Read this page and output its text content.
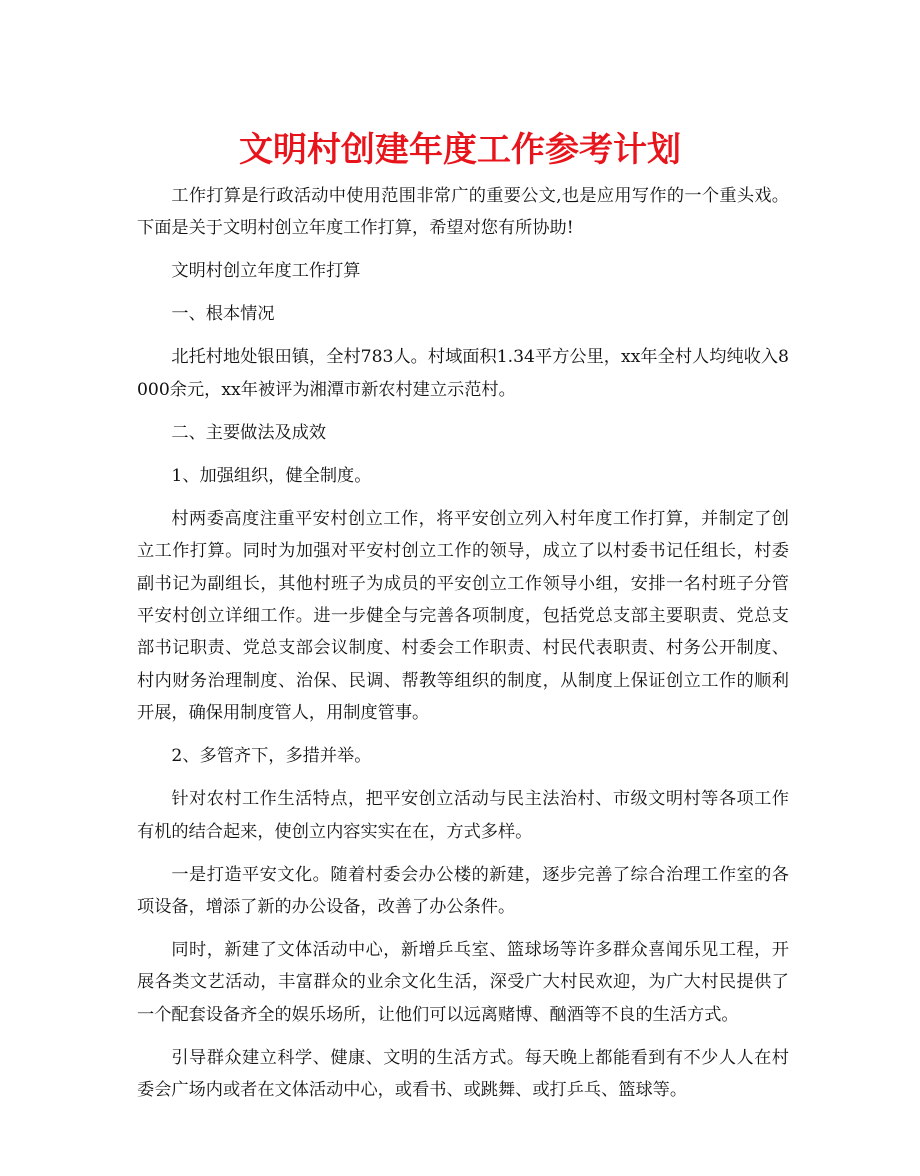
文明村创建年度工作参考计划

工作打算是行政活动中使用范围非常广的重要公文,也是应用写作的一个重头戏。下面是关于文明村创立年度工作打算，希望对您有所协助!

文明村创立年度工作打算

一、根本情况

北托村地处银田镇，全村783人。村域面积1.34平方公里，xx年全村人均纯收入8000余元，xx年被评为湘潭市新农村建立示范村。

二、主要做法及成效

1、加强组织，健全制度。

村两委高度注重平安村创立工作，将平安创立列入村年度工作打算，并制定了创立工作打算。同时为加强对平安村创立工作的领导，成立了以村委书记任组长，村委副书记为副组长，其他村班子为成员的平安创立工作领导小组，安排一名村班子分管平安村创立详细工作。进一步健全与完善各项制度，包括党总支部主要职责、党总支部书记职责、党总支部会议制度、村委会工作职责、村民代表职责、村务公开制度、村内财务治理制度、治保、民调、帮教等组织的制度，从制度上保证创立工作的顺利开展，确保用制度管人，用制度管事。

2、多管齐下，多措并举。

针对农村工作生活特点，把平安创立活动与民主法治村、市级文明村等各项工作有机的结合起来，使创立内容实实在在，方式多样。

一是打造平安文化。随着村委会办公楼的新建，逐步完善了综合治理工作室的各项设备，增添了新的办公设备，改善了办公条件。

同时，新建了文体活动中心，新增乒乓室、篮球场等许多群众喜闻乐见工程，开展各类文艺活动，丰富群众的业余文化生活，深受广大村民欢迎，为广大村民提供了一个配套设备齐全的娱乐场所，让他们可以远离赌博、酗酒等不良的生活方式。

引导群众建立科学、健康、文明的生活方式。每天晚上都能看到有不少人人在村委会广场内或者在文体活动中心，或看书、或跳舞、或打乒乓、篮球等。
